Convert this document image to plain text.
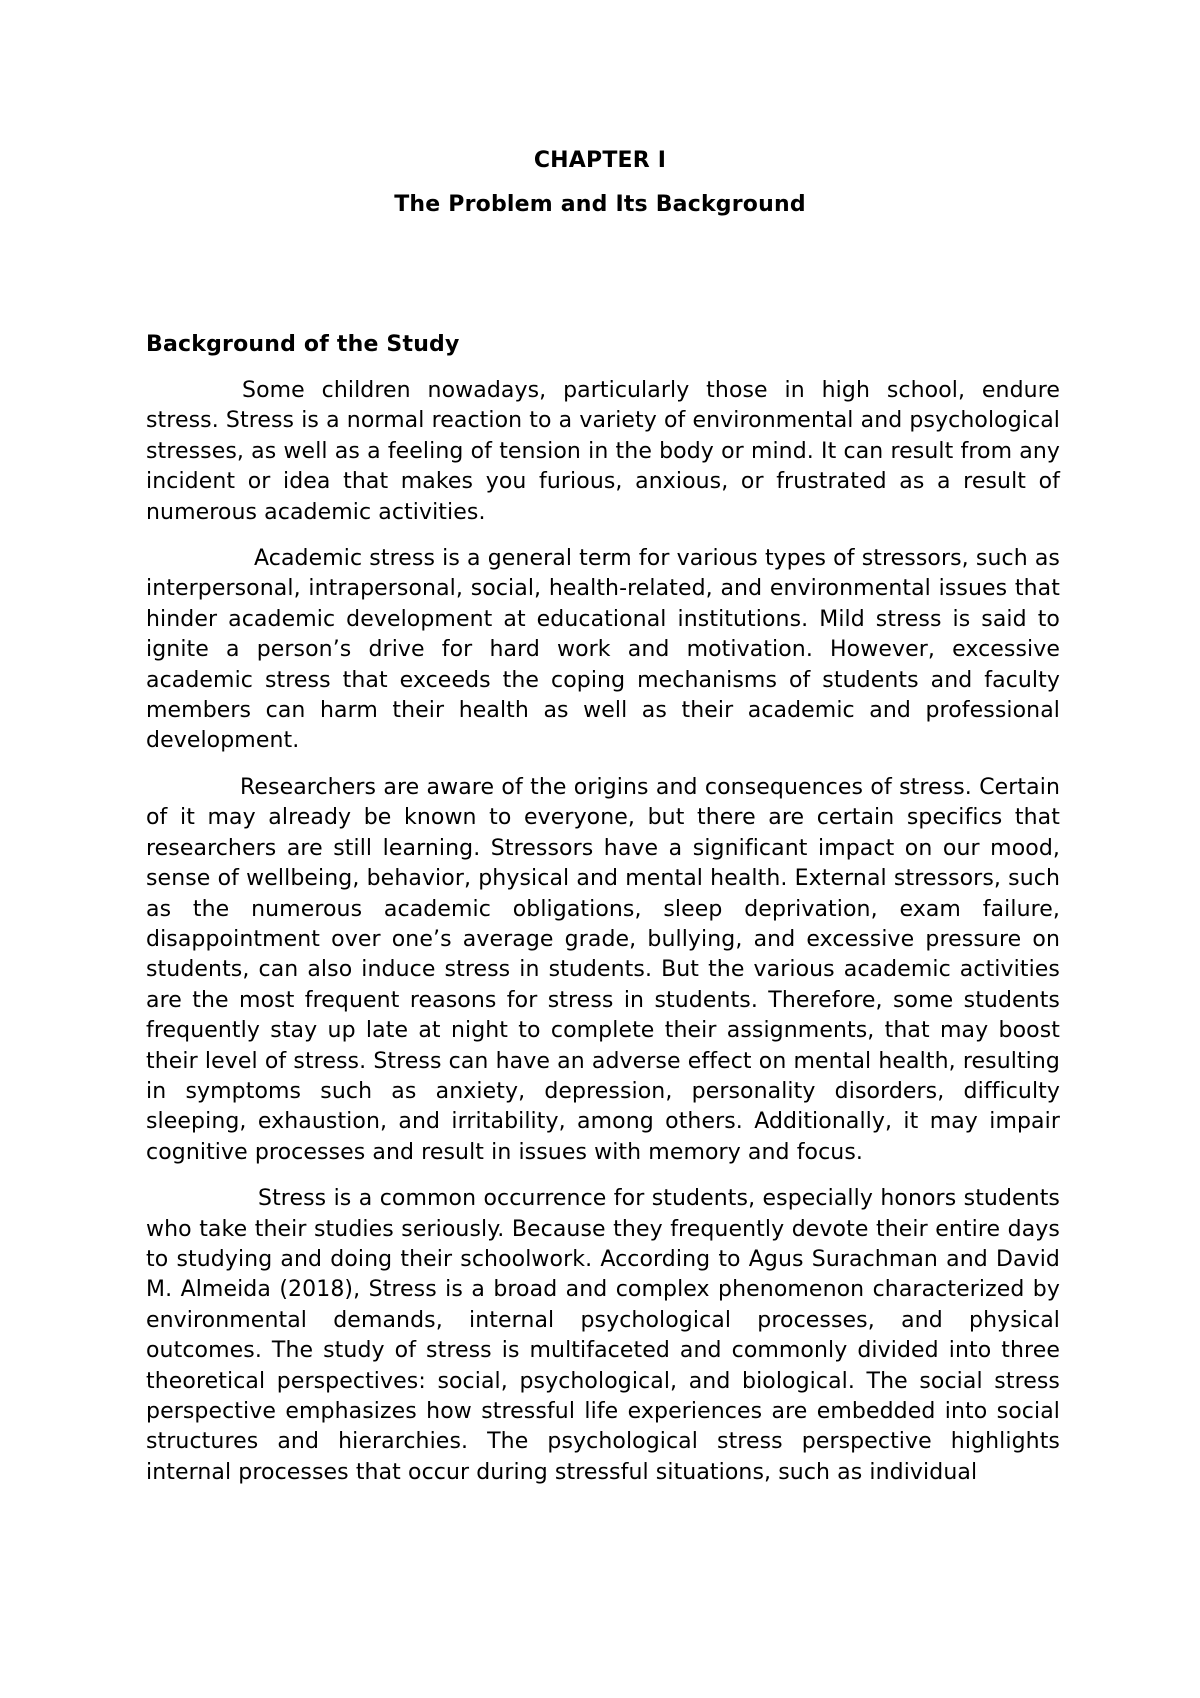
CHAPTER I
The Problem and Its Background
Background of the Study

Some children nowadays, particularly those in high school, endure stress. Stress is a normal reaction to a variety of environmental and psychological stresses, as well as a feeling of tension in the body or mind. It can result from any incident or idea that makes you furious, anxious, or frustrated as a result of numerous academic activities.

Academic stress is a general term for various types of stressors, such as interpersonal, intrapersonal, social, health-related, and environmental issues that hinder academic development at educational institutions. Mild stress is said to ignite a person’s drive for hard work and motivation. However, excessive academic stress that exceeds the coping mechanisms of students and faculty members can harm their health as well as their academic and professional development.

Researchers are aware of the origins and consequences of stress. Certain of it may already be known to everyone, but there are certain specifics that researchers are still learning. Stressors have a significant impact on our mood, sense of wellbeing, behavior, physical and mental health. External stressors, such as the numerous academic obligations, sleep deprivation, exam failure, disappointment over one’s average grade, bullying, and excessive pressure on students, can also induce stress in students. But the various academic activities are the most frequent reasons for stress in students. Therefore, some students frequently stay up late at night to complete their assignments, that may boost their level of stress. Stress can have an adverse effect on mental health, resulting in symptoms such as anxiety, depression, personality disorders, difficulty sleeping, exhaustion, and irritability, among others. Additionally, it may impair cognitive processes and result in issues with memory and focus.

Stress is a common occurrence for students, especially honors students who take their studies seriously. Because they frequently devote their entire days to studying and doing their schoolwork. According to Agus Surachman and David M. Almeida (2018), Stress is a broad and complex phenomenon characterized by environmental demands, internal psychological processes, and physical outcomes. The study of stress is multifaceted and commonly divided into three theoretical perspectives: social, psychological, and biological. The social stress perspective emphasizes how stressful life experiences are embedded into social structures and hierarchies. The psychological stress perspective highlights internal processes that occur during stressful situations, such as individual
